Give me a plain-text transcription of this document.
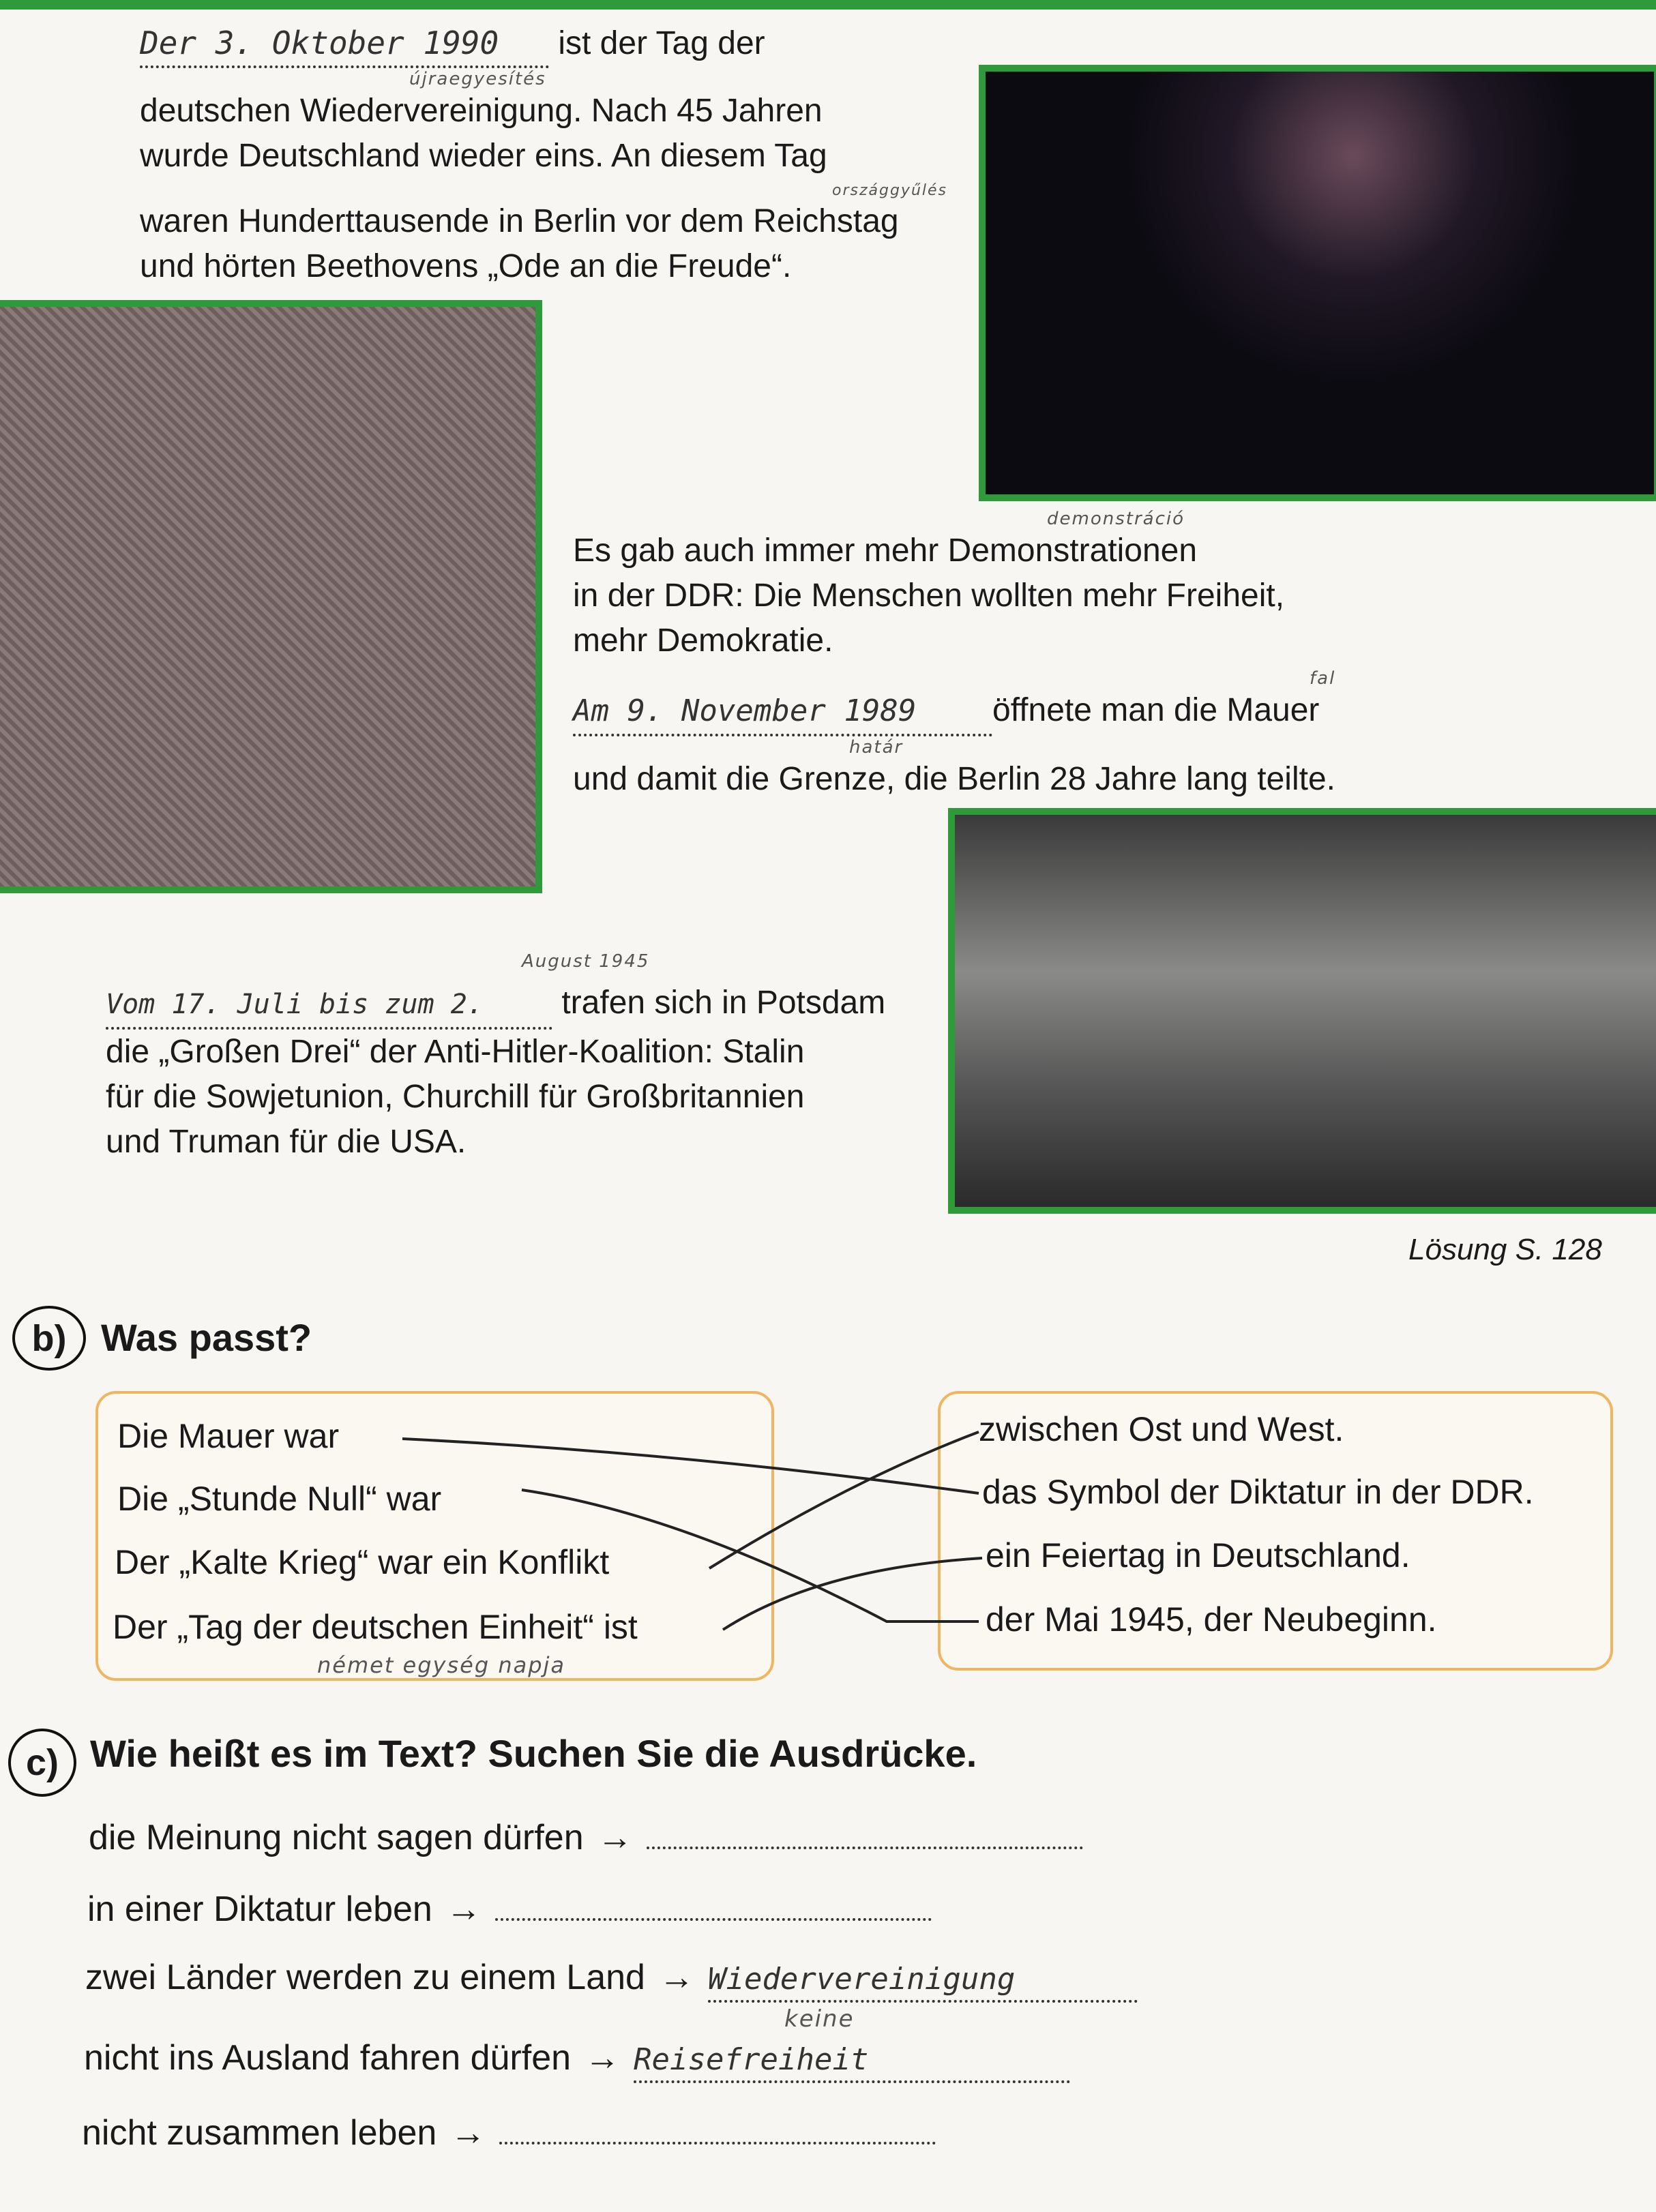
Der 3. Oktober 1990 ist der Tag der
újraegyesítés
deutschen Wiedervereinigung. Nach 45 Jahren
wurde Deutschland wieder eins. An diesem Tag
országgyűlés
waren Hunderttausende in Berlin vor dem Reichstag
und hörten Beethovens „Ode an die Freude“.
demonstráció
Es gab auch immer mehr Demonstrationen
in der DDR: Die Menschen wollten mehr Freiheit,
mehr Demokratie.
fal
Am 9. November 1989 öffnete man die Mauer
határ
und damit die Grenze, die Berlin 28 Jahre lang teilte.
August 1945
Vom 17. Juli bis zum 2. trafen sich in Potsdam
die „Großen Drei“ der Anti-Hitler-Koalition: Stalin
für die Sowjetunion, Churchill für Großbritannien
und Truman für die USA.
Lösung S. 128
b) Was passt?
Die Mauer war
Die „Stunde Null“ war
Der „Kalte Krieg“ war ein Konflikt
Der „Tag der deutschen Einheit“ ist
zwischen Ost und West.
das Symbol der Diktatur in der DDR.
ein Feiertag in Deutschland.
der Mai 1945, der Neubeginn.
német egység napja
c) Wie heißt es im Text? Suchen Sie die Ausdrücke.
die Meinung nicht sagen dürfen →
in einer Diktatur leben →
zwei Länder werden zu einem Land → Wiedervereinigung
keine
nicht ins Ausland fahren dürfen → Reisefreiheit
nicht zusammen leben →
